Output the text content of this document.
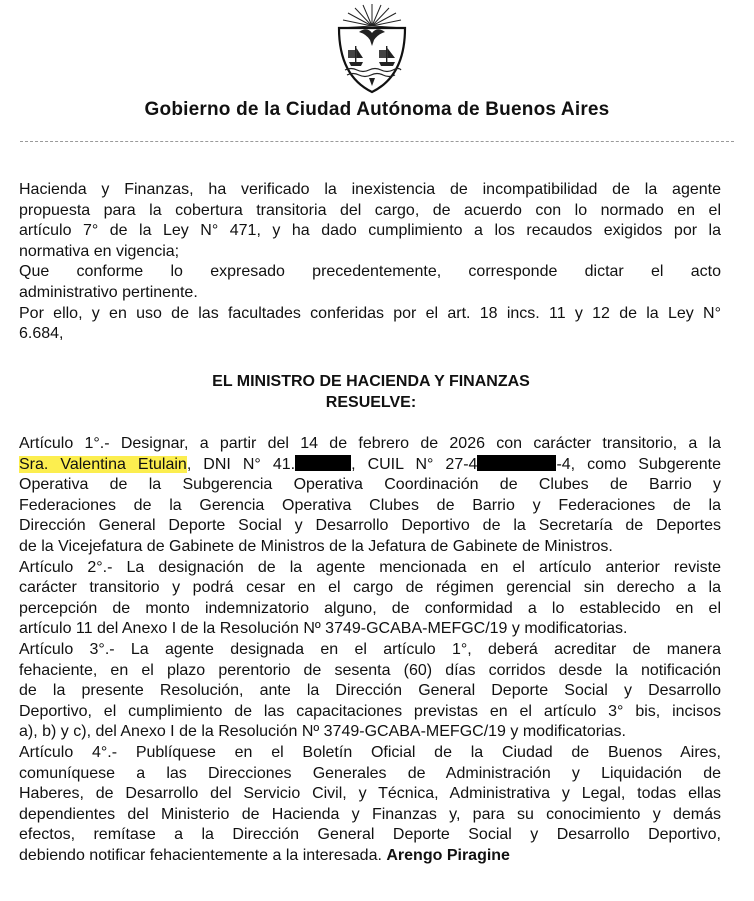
Gobierno de la Ciudad Autónoma de Buenos Aires
Hacienda y Finanzas, ha verificado la inexistencia de incompatibilidad de la agente
propuesta para la cobertura transitoria del cargo, de acuerdo con lo normado en el
artículo 7° de la Ley N° 471, y ha dado cumplimiento a los recaudos exigidos por la
normativa en vigencia;
Que conforme lo expresado precedentemente, corresponde dictar el acto
administrativo pertinente.
Por ello, y en uso de las facultades conferidas por el art. 18 incs. 11 y 12 de la Ley N°
6.684,
EL MINISTRO DE HACIENDA Y FINANZAS
RESUELVE:
Artículo 1°.- Designar, a partir del 14 de febrero de 2026 con carácter transitorio, a la
Sra. Valentina Etulain, DNI N° 41.	, CUIL N° 27-4	-4, como Subgerente
Operativa de la Subgerencia Operativa Coordinación de Clubes de Barrio y
Federaciones de la Gerencia Operativa Clubes de Barrio y Federaciones de la
Dirección General Deporte Social y Desarrollo Deportivo de la Secretaría de Deportes
de la Vicejefatura de Gabinete de Ministros de la Jefatura de Gabinete de Ministros.
Artículo 2°.- La designación de la agente mencionada en el artículo anterior reviste
carácter transitorio y podrá cesar en el cargo de régimen gerencial sin derecho a la
percepción de monto indemnizatorio alguno, de conformidad a lo establecido en el
artículo 11 del Anexo I de la Resolución Nº 3749-GCABA-MEFGC/19 y modificatorias.
Artículo 3°.- La agente designada en el artículo 1°, deberá acreditar de manera
fehaciente, en el plazo perentorio de sesenta (60) días corridos desde la notificación
de la presente Resolución, ante la Dirección General Deporte Social y Desarrollo
Deportivo, el cumplimiento de las capacitaciones previstas en el artículo 3° bis, incisos
a), b) y c), del Anexo I de la Resolución Nº 3749-GCABA-MEFGC/19 y modificatorias.
Artículo 4°.- Publíquese en el Boletín Oficial de la Ciudad de Buenos Aires,
comuníquese a las Direcciones Generales de Administración y Liquidación de
Haberes, de Desarrollo del Servicio Civil, y Técnica, Administrativa y Legal, todas ellas
dependientes del Ministerio de Hacienda y Finanzas y, para su conocimiento y demás
efectos, remítase a la Dirección General Deporte Social y Desarrollo Deportivo,
debiendo notificar fehacientemente a la interesada. Arengo Piragine
